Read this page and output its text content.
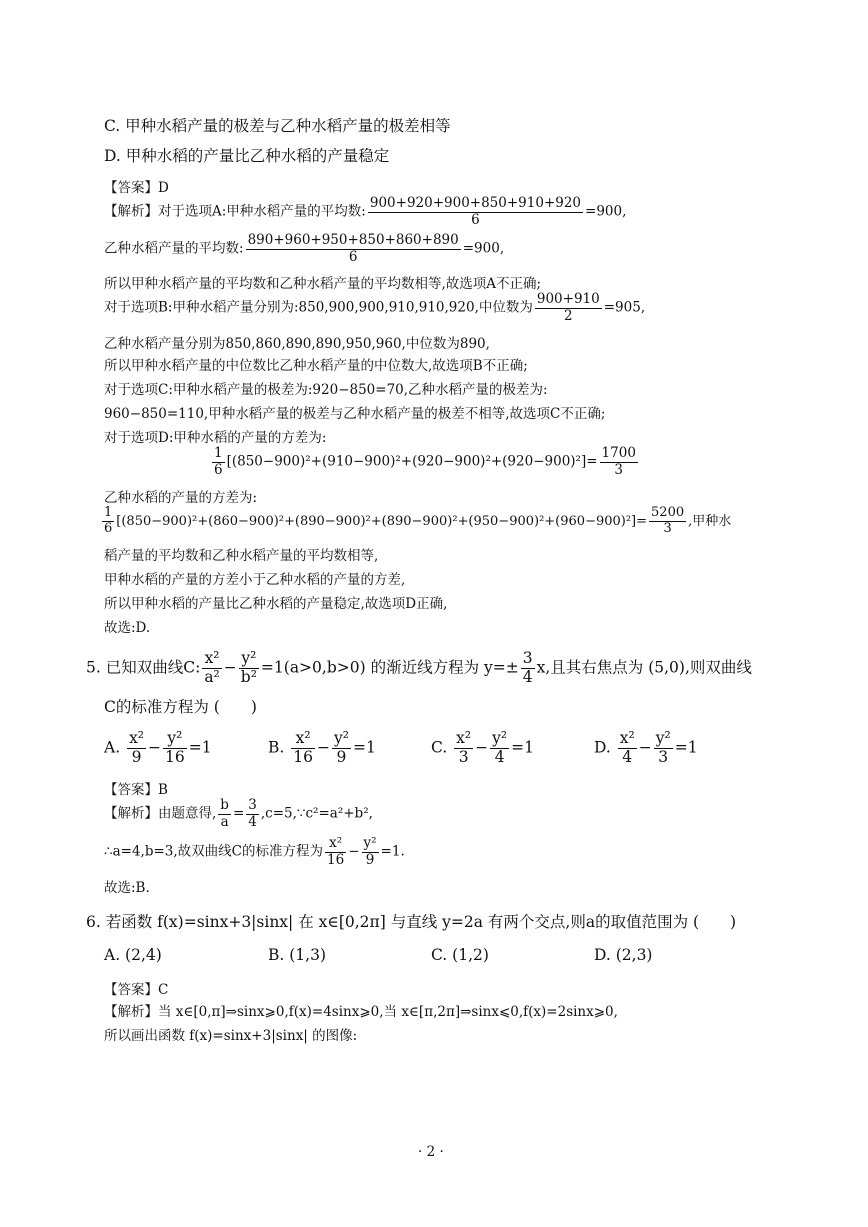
C. 甲种水稻产量的极差与乙种水稻产量的极差相等
D. 甲种水稻的产量比乙种水稻的产量稳定
【答案】D
【解析】对于选项A:甲种水稻产量的平均数: $\frac{900+920+900+850+910+920}{6} =900$,
乙种水稻产量的平均数: $\frac{890+960+950+850+860+890}{6} =900$,
所以甲种水稻产量的平均数和乙种水稻产量的平均数相等,故选项A不正确;
对于选项B:甲种水稻产量分别为:850,900,900,910,910,920,中位数为 $\frac{900+910}{2} =905$,
乙种水稻产量分别为850,860,890,890,950,960,中位数为890,
所以甲种水稻产量的中位数比乙种水稻产量的中位数大,故选项B不正确;
对于选项C:甲种水稻产量的极差为:920−850=70,乙种水稻产量的极差为:
960−850=110,甲种水稻产量的极差与乙种水稻产量的极差不相等,故选项C不正确;
对于选项D:甲种水稻的产量的方差为:
$\frac{1}{6} [(850-900)^2+(910-900)^2+(920-900)^2+(920-900)^2]= \frac{1700}{3}$
乙种水稻的产量的方差为:
$\frac{1}{6} [(850-900)^2+(860-900)^2+(890-900)^2+(890-900)^2+(950-900)^2+(960-900)^2]= \frac{5200}{3}$ ,甲种水
稻产量的平均数和乙种水稻产量的平均数相等,
甲种水稻的产量的方差小于乙种水稻的产量的方差,
所以甲种水稻的产量比乙种水稻的产量稳定,故选项D正确,
故选:D.
5. 已知双曲线C: $\frac{\text{x²}}{\text{a²}} - \frac{\text{y²}}{\text{b²}} =1(a>0,b>0)$ 的渐近线方程为 $y=\pm \frac{3}{4} x$,且其右焦点为 (5,0),则双曲线
C的标准方程为 (　　)
A. $\frac{\text{x²}}{9} - \frac{\text{y²}}{16} =1$	B. $\frac{\text{x²}}{16} - \frac{\text{y²}}{9} =1$	C. $\frac{\text{x²}}{3} - \frac{\text{y²}}{4} =1$	D. $\frac{\text{x²}}{4} - \frac{\text{y²}}{3} =1$
【答案】B
【解析】由题意得, $\frac{b}{a} = \frac{3}{4}$ ,c=5,∵c²=a²+b²,
∴a=4,b=3,故双曲线C的标准方程为 $\frac{\text{x²}}{16} - \frac{\text{y²}}{9} =1$.
故选:B.
6. 若函数 f(x)=sinx+3|sinx| 在 x∈[0,2π] 与直线 y=2a 有两个交点,则a的取值范围为 (　　)
A. (2,4)	B. (1,3)	C. (1,2)	D. (2,3)
【答案】C
【解析】当 x∈[0,π]⇒sinx⩾0,f(x)=4sinx⩾0,当 x∈[π,2π]⇒sinx⩽0,f(x)=2sinx⩾0,
所以画出函数 f(x)=sinx+3|sinx| 的图像:
· 2 ·
